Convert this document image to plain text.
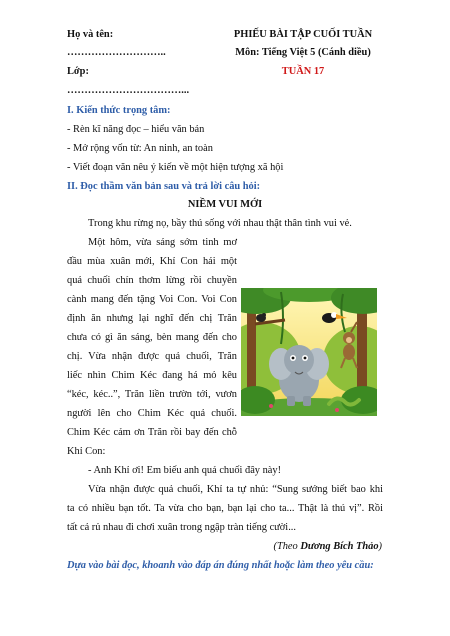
Họ và tên:
………………………..
Lớp:
……………………………...
PHIẾU BÀI TẬP CUỐI TUẦN
Môn: Tiếng Việt 5 (Cánh diều)
TUẦN 17
I. Kiến thức trọng tâm:
- Rèn kĩ năng đọc – hiểu văn bản
- Mở rộng vốn từ: An ninh, an toàn
- Viết đoạn văn nêu ý kiến về một hiện tượng xã hội
II. Đọc thầm văn bản sau và trả lời câu hỏi:
NIỀM VUI MỚI
Trong khu rừng nọ, bầy thú sống với nhau thật thân tình vui vẻ.
Một hôm, vừa sáng sớm tinh mơ
đầu mùa xuân mới, Khỉ Con hái một
quả chuối chín thơm lừng rồi chuyền
cành mang đến tặng Voi Con. Voi Con
định ăn nhưng lại nghĩ đến chị Trăn
chưa có gì ăn sáng, bèn mang đến cho
chị. Vừa nhận được quả chuối, Trăn
liếc nhìn Chim Kéc đang há mỏ kêu
“kéc, kéc..”, Trăn liền trườn tới, vươn
người lên cho Chim Kéc quả chuối.
Chim Kéc cảm ơn Trăn rồi bay đến chỗ
Khỉ Con:
- Anh Khỉ ơi! Em biếu anh quả chuối đây này!
Vừa nhận được quả chuối, Khỉ ta tự nhủ: “Sung sướng biết bao khi
ta có nhiều bạn tốt. Ta vừa cho bạn, bạn lại cho ta... Thật là thú vị”. Rồi
tất cả rủ nhau đi chơi xuân trong ngập tràn tiếng cười...
(Theo Dương Bích Thảo)
Dựa vào bài đọc, khoanh vào đáp án đúng nhất hoặc làm theo yêu cầu:
